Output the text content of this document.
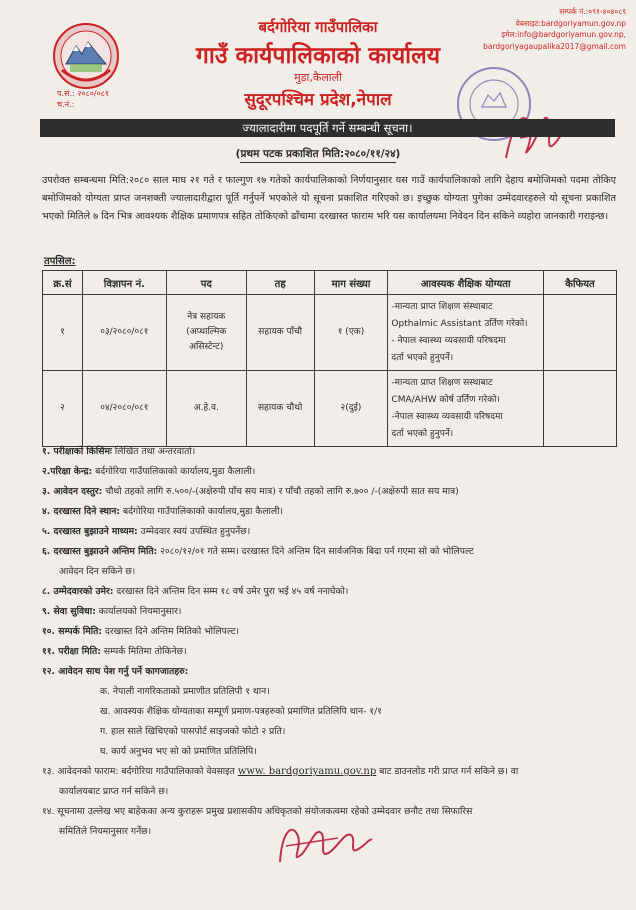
प.सं.: २०८०/०८१
च.नं.:
बर्दगोरिया गाउँपालिका
गाउँ कार्यपालिकाको कार्यालय
मुडा,कैलाली
सुदूरपश्चिम प्रदेश,नेपाल
सम्पर्क नं.:०९१-४०४०८९
वेबसाइट:bardgoriyamun.gov.np
इमेल:info@bardgoriyamun.gov.np,
bardgoriyagaupalika2017@gmail.com
ज्यालादारीमा पदपूर्ति गर्ने सम्बन्धी सूचना।
(प्रथम पटक प्रकाशित मिति:२०८०/११/२४)
उपरोक्त सम्बन्धमा मिति:२०८० साल माघ २१ गते र फाल्गुण १७ गतेको कार्यपालिकाको निर्णयानुसार यस गाउँ कार्यपालिकाको लागि देहाय बमोजिमको पदमा तोकिए बमोजिमको योग्यता प्राप्त जनशक्ती ज्यालादारीद्वारा पूर्ति गर्नुपर्ने भएकोले यो सूचना प्रकाशित गरिएको छ। इच्छुक योग्यता पुगेका उम्मेदवारहरुले यो सूचना प्रकाशित भएको मितिले ७ दिन भित्र आवश्यक शैक्षिक प्रमाणपत्र सहित तोकिएको ढाँचामा दरखास्त फाराम भरि यस कार्यालयमा निवेदन दिन सकिने व्यहोरा जानकारी गराइन्छ।
तपसिल:
क्र.सं	विज्ञापन नं.	पद	तह	माग संख्या	आवस्यक शैक्षिक योग्यता	कैफियत
१	०३/२०८०/०८१	नेत्र सहायक (अप्थाल्मिक असिस्टेन्ट)	सहायक पाँचौ	१ (एक)	-मान्यता प्राप्त शिक्षण संस्थाबाट
Opthalmic Assistant उर्तिण गरेको।
- नेपाल स्वास्थ्य व्यवसायी परिषदमा
दर्ता भएको हुनुपर्ने।	

२	०४/२०८०/०८१	अ.हे.व.	सहायक चौथो	२(दुई)	-मान्यता प्राप्त शिक्षण सस्थाबाट
CMA/AHW कोर्ष उर्तिण गरेको।
-नेपाल स्वास्थ्य व्यवसायी परिषदमा
दर्ता भएको हुनुपर्ने।	

१. परीक्षाको किसिमः लिखित तथा अन्तरवार्ता।
२.परिक्षा केन्द्र: बर्दगोरिया गाउँपालिकाको कार्यालय,मुडा कैलाली।
३. आवेदन दस्तुर: चौथो तहको लागि रु.५००/-(अक्षेरुपी पाँच सय मात्र) र पाँचौ तहको लागि रु.७०० /-(अक्षेरुपी सात सय मात्र)
४. दरखास्त दिने स्थान: बर्दगोरिया गाउँपालिकाको कार्यालय,मुडा कैलाली।
५. दरखास्त बुझाउने माध्यम: उम्मेदवार स्वयं उपस्थित हुनुपर्नेछ।
६. दरखास्त बुझाउने अन्तिम मिति: २०८०/१२/०१ गते सम्म। दरखास्त दिने अन्तिम दिन सार्वजनिक बिदा पर्न गएमा सो को भोलिपल्ट
आवेदन दिन सकिने छ।
८. उम्मेदवारको उमेर: दरखास्त दिने अन्तिम दिन सम्म १८ वर्ष उमेर पुरा भई ४५ वर्ष ननाघेको।
९. सेवा सुविधा: कार्यालयको नियमानुसार।
१०. सम्पर्क मिति: दरखास्त दिने अन्तिम मितिको भोलिपल्ट।
११. परीक्षा मिति: सम्पर्क मितिमा तोकिनेछ।
१२. आवेदन साथ पेश गर्नु पर्ने कागजातहरु:
क. नेपाली नागरिकताको प्रमाणीत प्रतिलिपी १ थान।
ख. आवस्यक शैक्षिक योग्यताका सम्पूर्ण प्रमाण-पत्रहरुको प्रमाणित प्रतिलिपि थान- १/१
ग. हाल साले खिचिएको पासपोर्ट साइजको फोटो २ प्रति।
घ. कार्य अनुभव भए सो को प्रमाणित प्रतिलिपि।
१३. आवेदनको फाराम: बर्दगोरिया गाउँपालिकाको वेवसाइत www. bardgoriyamu.gov.np बाट डाउनलोड गरी प्राप्त गर्न सकिने छ। वा
कार्यालयबाट प्राप्त गर्न सकिने छ।
१४. सूचनामा उल्लेख भए बाहेकका अन्य कुराहरू प्रमुख प्रशासकीय अधिकृतको संयोजकत्वमा रहेको उम्मेदवार छनौट तथा सिफारिस
समितिले नियमानुसार गर्नेछ।
